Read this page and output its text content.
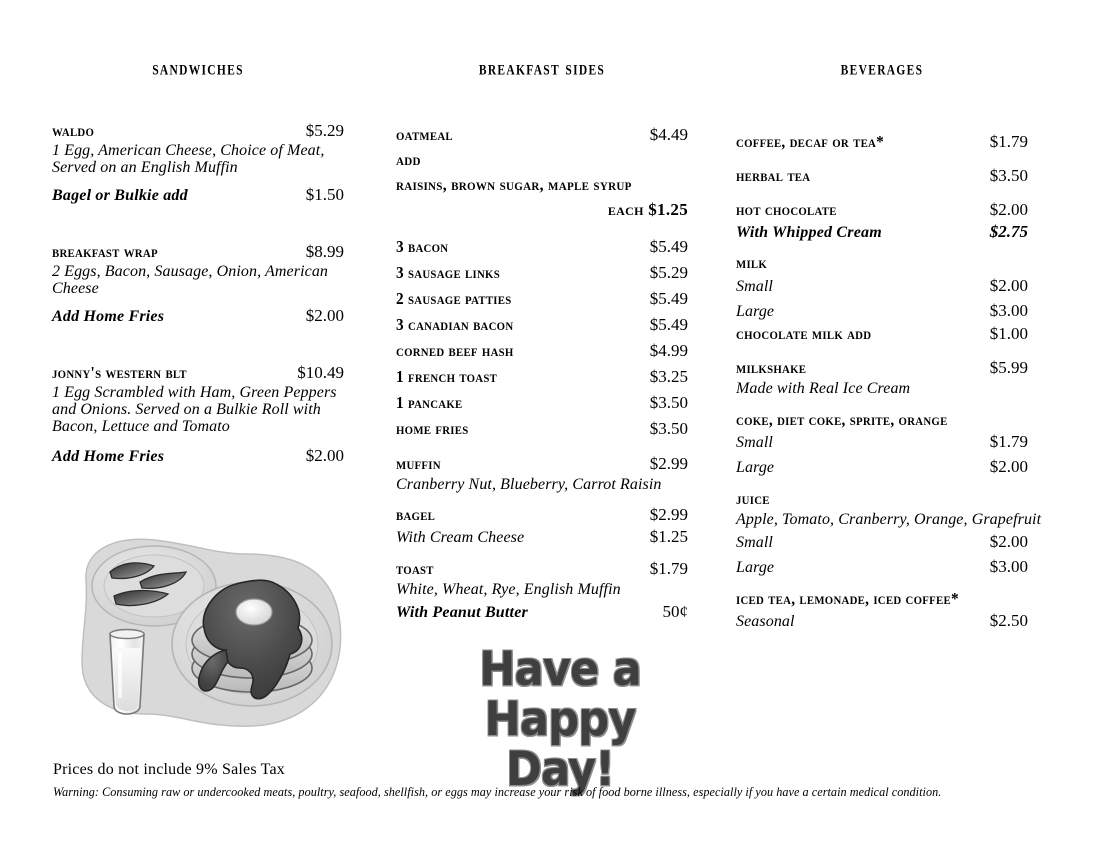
sandwiches
waldo	$5.29
1 Egg, American Cheese, Choice of Meat,
Served on an English Muffin
Bagel or Bulkie add	$1.50
breakfast wrap	$8.99
2 Eggs, Bacon, Sausage, Onion, American
Cheese
Add Home Fries	$2.00
jonny's western blt	$10.49
1 Egg Scrambled with Ham, Green Peppers
and Onions. Served on a Bulkie Roll with
Bacon, Lettuce and Tomato
Add Home Fries	$2.00
breakfast sides
oatmeal	$4.49
add
raisins, brown sugar, maple syrup
each $1.25
3 bacon	$5.49
3 sausage links	$5.29
2 sausage patties	$5.49
3 canadian bacon	$5.49
corned beef hash	$4.99
1 french toast	$3.25
1 pancake	$3.50
home fries	$3.50
muffin	$2.99
Cranberry Nut, Blueberry, Carrot Raisin
bagel	$2.99
With Cream Cheese	$1.25
toast	$1.79
White, Wheat, Rye, English Muffin
With Peanut Butter	50¢
beverages
coffee, decaf or tea*	$1.79
herbal tea	$3.50
hot chocolate	$2.00
With Whipped Cream	$2.75
milk
Small	$2.00
Large	$3.00
chocolate milk add	$1.00
milkshake	$5.99
Made with Real Ice Cream
coke, diet coke, sprite, orange
Small	$1.79
Large	$2.00
juice
Apple, Tomato, Cranberry, Orange, Grapefruit
Small	$2.00
Large	$3.00
iced tea, lemonade, iced coffee*
Seasonal	$2.50
Have a
Happy Day!
Prices do not include 9% Sales Tax
Warning: Consuming raw or undercooked meats, poultry, seafood, shellfish, or eggs may increase your risk of food borne illness, especially if you have a certain medical condition.
